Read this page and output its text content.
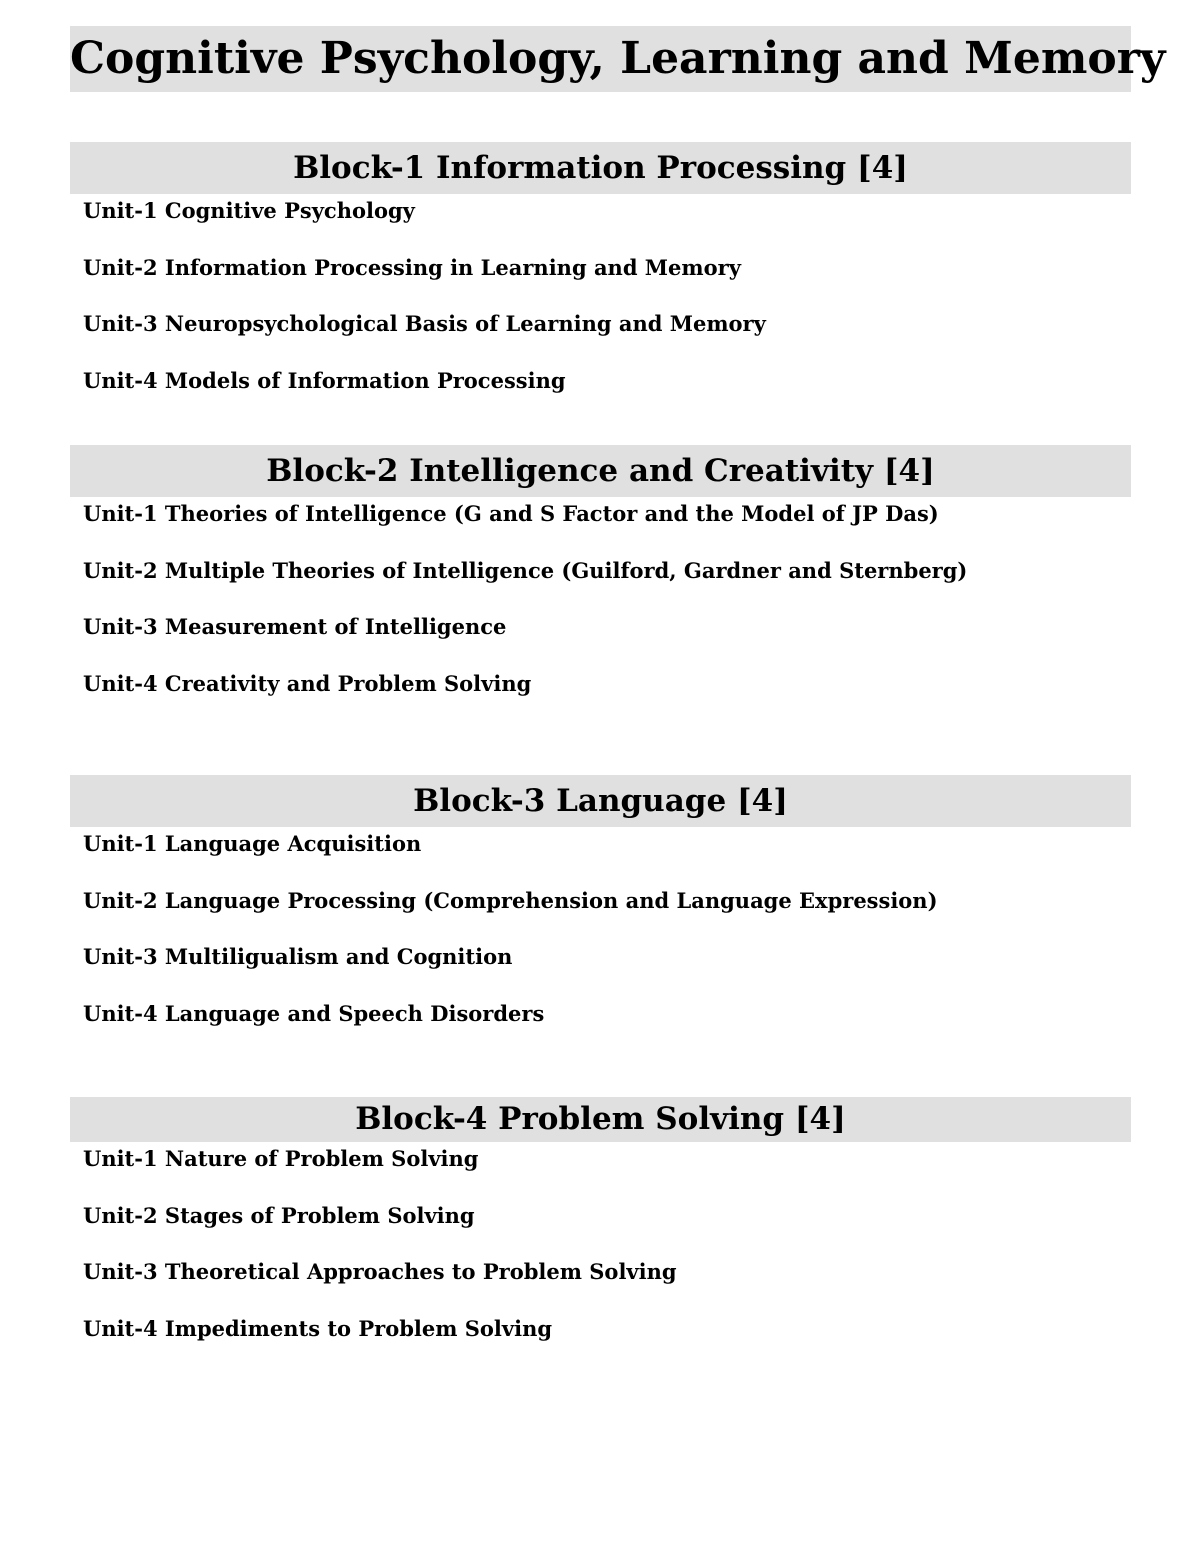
Cognitive Psychology, Learning and Memory
Block-1 Information Processing [4]
Unit-1 Cognitive Psychology
Unit-2 Information Processing in Learning and Memory
Unit-3 Neuropsychological Basis of Learning and Memory
Unit-4 Models of Information Processing
Block-2 Intelligence and Creativity [4]
Unit-1 Theories of Intelligence (G and S Factor and the Model of JP Das)
Unit-2 Multiple Theories of Intelligence (Guilford, Gardner and Sternberg)
Unit-3 Measurement of Intelligence
Unit-4 Creativity and Problem Solving
Block-3 Language [4]
Unit-1 Language Acquisition
Unit-2 Language Processing (Comprehension and Language Expression)
Unit-3 Multiligualism and Cognition
Unit-4 Language and Speech Disorders
Block-4 Problem Solving [4]
Unit-1 Nature of Problem Solving
Unit-2 Stages of Problem Solving
Unit-3 Theoretical Approaches to Problem Solving
Unit-4 Impediments to Problem Solving
